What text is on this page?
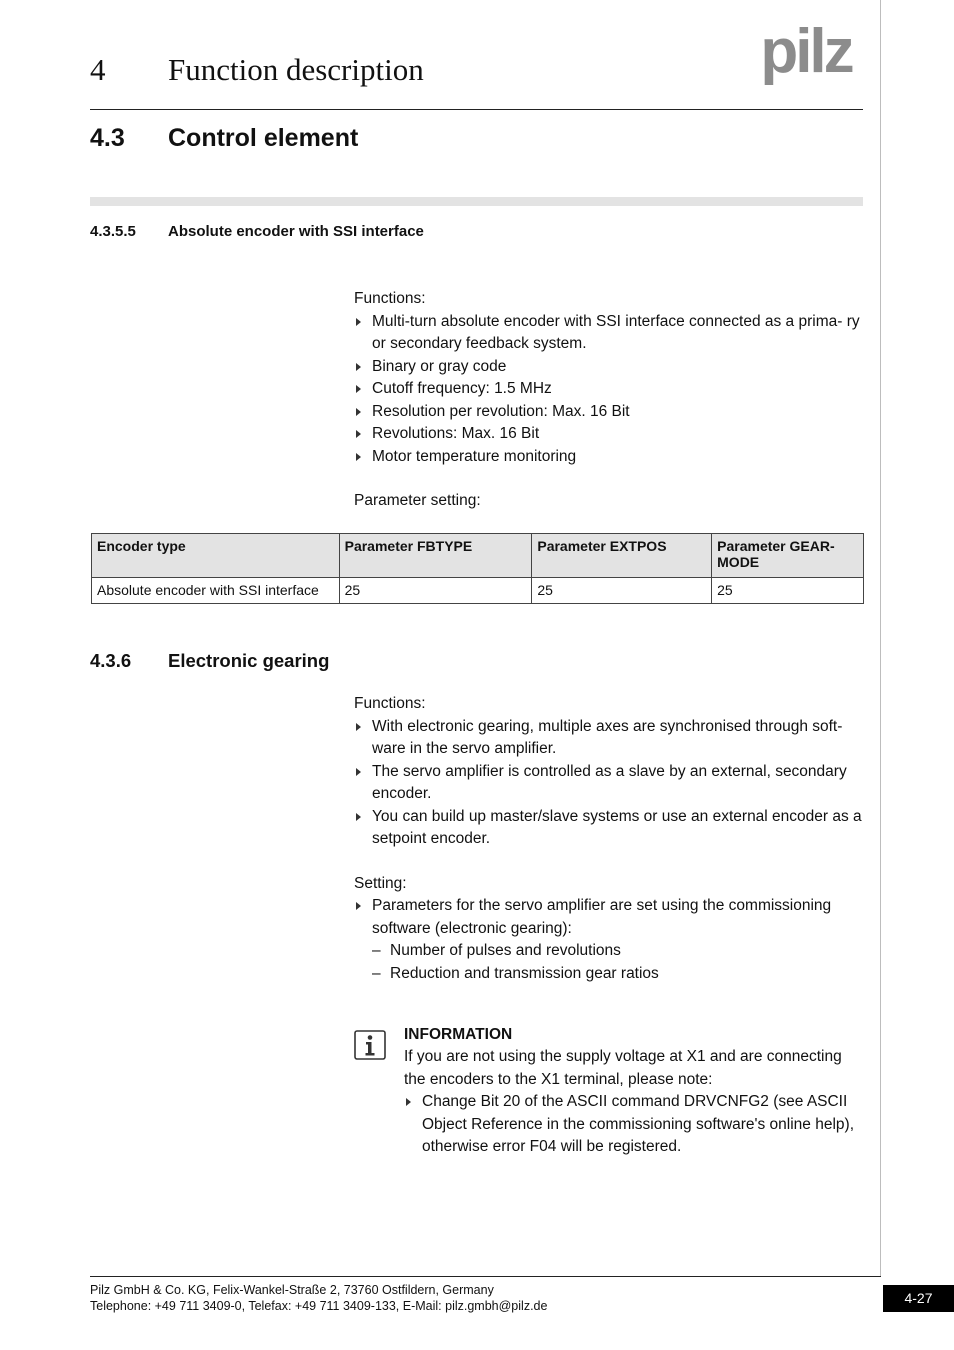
4 Function description	pilz
4.3 Control element
4.3.5.5 Absolute encoder with SSI interface

Functions:

Multi-turn absolute encoder with SSI interface connected as a prima- ry or secondary feedback system.
Binary or gray code
Cutoff frequency: 1.5 MHz
Resolution per revolution: Max. 16 Bit
Revolutions: Max. 16 Bit
Motor temperature monitoring

Parameter setting:

Encoder type	Parameter FBTYPE	Parameter EXTPOS	Parameter GEAR- MODE
Absolute encoder with SSI interface	25	25	25
4.3.6 Electronic gearing

Functions:

With electronic gearing, multiple axes are synchronised through soft- ware in the servo amplifier.
The servo amplifier is controlled as a slave by an external, secondary encoder.
You can build up master/slave systems or use an external encoder as a setpoint encoder.

Setting:

Parameters for the servo amplifier are set using the commissioning software (electronic gearing):
– Number of pulses and revolutions
– Reduction and transmission gear ratios
INFORMATION

If you are not using the supply voltage at X1 and are connecting the encoders to the X1 terminal, please note:

Change Bit 20 of the ASCII command DRVCNFG2 (see ASCII Object Reference in the commissioning software's online help), otherwise error F04 will be registered.
Pilz GmbH & Co. KG, Felix-Wankel-Straße 2, 73760 Ostfildern, Germany
Telephone: +49 711 3409-0, Telefax: +49 711 3409-133, E-Mail: pilz.gmbh@pilz.de	4-27
